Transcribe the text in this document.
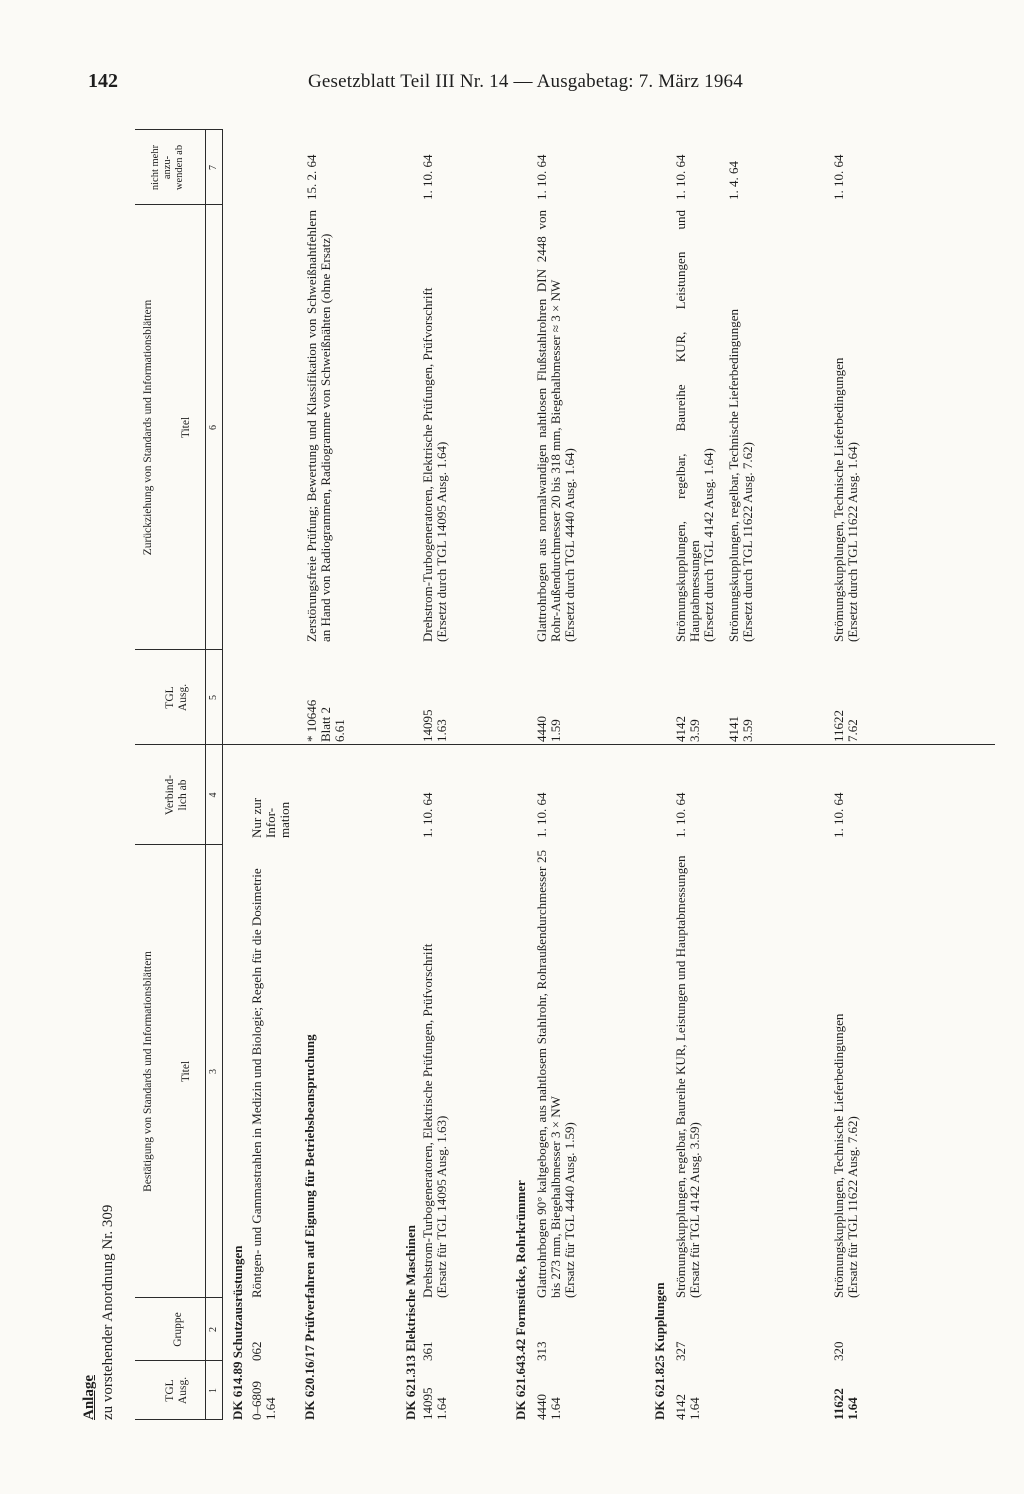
142	Gesetzblatt Teil III Nr. 14 — Ausgabetag: 7. März 1964
Anlage zu vorstehender Anordnung Nr. 309
Bestätigung von Standards und Informationsblättern
Zurückziehung von Standards und Informationsblättern
TGL
Ausg.
Gruppe
Titel
Verbind-
lich ab
TGL
Ausg.
Titel
nicht mehr
anzu-
wenden ab
1
2
3
4
5
6
7
DK 614.89 Schutzausrüstungen 0–6809
1.64
062
Röntgen- und Gammastrahlen in Medizin und Biologie; Regeln für die Dosimetrie
Nur zur
Infor-
mation
DK 620.16/17 Prüfverfahren auf Eignung für Betriebsbeanspruchung
* 10646
Blatt 2
6.61
Zerstörungsfreie Prüfung; Bewertung und Klassifikation von Schweißnahtfehlern an Hand von Radiogrammen, Radiogramme von Schweißnähten (ohne Ersatz)
15. 2. 64
DK 621.313 Elektrische Maschinen 14095
1.64
361
Drehstrom-Turbogeneratoren, Elektrische Prüfungen, Prüfvorschrift
(Ersatz für TGL 14095 Ausg. 1.63)
1. 10. 64
14095
1.63
Drehstrom-Turbogeneratoren, Elektrische Prüfungen, Prüfvorschrift
(Ersetzt durch TGL 14095 Ausg. 1.64)
1. 10. 64
DK 621.643.42 Formstücke, Rohrkrümmer 4440
1.64
313
Glattrohrbogen 90° kaltgebogen, aus nahtlosem Stahlrohr, Rohraußendurchmesser 25 bis 273 mm, Biegehalbmesser 3 × NW
(Ersatz für TGL 4440 Ausg. 1.59)
1. 10. 64
4440
1.59
Glattrohrbogen aus normalwandigen nahtlosen Flußstahlrohren DIN 2448 von Rohr-Außendurchmesser 20 bis 318 mm, Biegehalbmesser ≈ 3 × NW
(Ersetzt durch TGL 4440 Ausg. 1.64)
1. 10. 64
DK 621.825 Kupplungen 4142
1.64
327
Strömungskupplungen, regelbar, Baureihe KUR, Leistungen und Hauptabmessungen
(Ersatz für TGL 4142 Ausg. 3.59)
1. 10. 64
4142
3.59
Strömungskupplungen, regelbar, Baureihe KUR, Leistungen und Hauptabmessungen
(Ersetzt durch TGL 4142 Ausg. 1.64)
1. 10. 64
4141
3.59
Strömungskupplungen, regelbar, Technische Lieferbedingungen
(Ersetzt durch TGL 11622 Ausg. 7.62)
1. 4. 64
11622
1.64
320
Strömungskupplungen, Technische Lieferbedingungen
(Ersatz für TGL 11622 Ausg. 7.62)
1. 10. 64
11622
7.62
Strömungskupplungen, Technische Lieferbedingungen
(Ersetzt durch TGL 11622 Ausg. 1.64)
1. 10. 64
